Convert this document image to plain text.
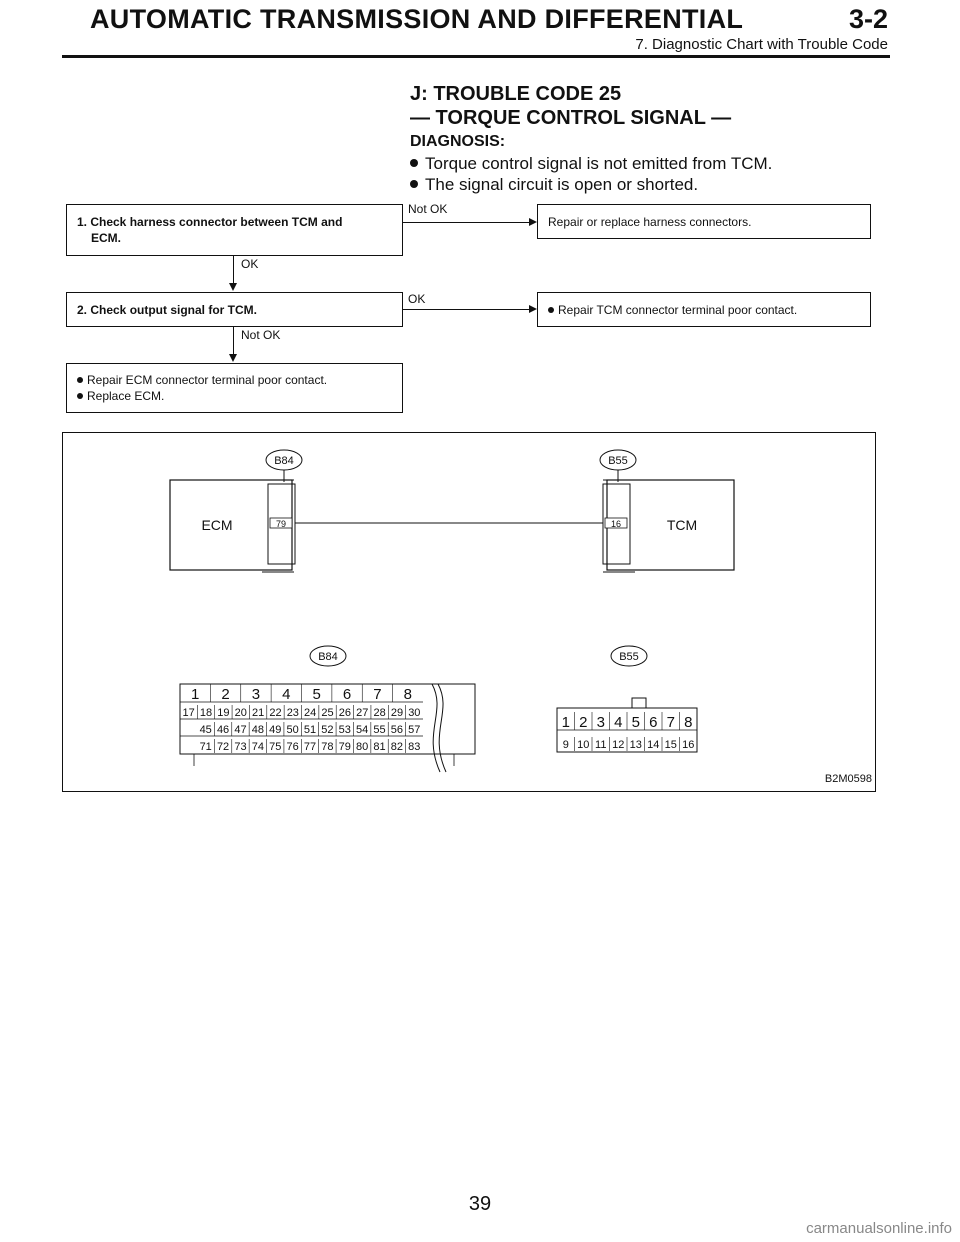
AUTOMATIC TRANSMISSION AND DIFFERENTIAL	3-2
7. Diagnostic Chart with Trouble Code
J: TROUBLE CODE 25
— TORQUE CONTROL SIGNAL —
DIAGNOSIS:
Torque control signal is not emitted from TCM.
The signal circuit is open or shorted.
1. Check harness connector between TCM and
ECM.
Not OK
Repair or replace harness connectors.
OK
2. Check output signal for TCM.
OK
Repair TCM connector terminal poor contact.
Not OK
Repair ECM connector terminal poor contact.
Replace ECM.
B84	B55
ECM	79	TCM
16
B84	B55
1 2 3 4 5 6 7 8
17 18 19 20 21 22 23 24 25 26 27 28 29 30
45 46 47 48 49 50 51 52 53 54 55 56 57
71 72 73 74 75 76 77 78 79 80 81 82 83
1 2 3 4 5 6 7 8
9 10 11 12 13 14 15 16
B2M0598
39
carmanualsonline.info
